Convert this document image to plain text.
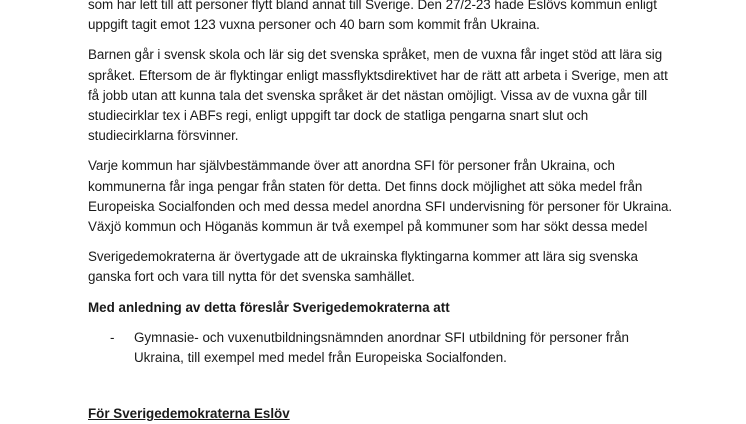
som har lett till att personer flytt bland annat till Sverige. Den 27/2-23 hade Eslövs kommun enligt
uppgift tagit emot 123 vuxna personer och 40 barn som kommit från Ukraina.

Barnen går i svensk skola och lär sig det svenska språket, men de vuxna får inget stöd att lära sig
språket. Eftersom de är flyktingar enligt massflyktsdirektivet har de rätt att arbeta i Sverige, men att
få jobb utan att kunna tala det svenska språket är det nästan omöjligt. Vissa av de vuxna går till
studiecirklar tex i ABFs regi, enligt uppgift tar dock de statliga pengarna snart slut och
studiecirklarna försvinner.

Varje kommun har självbestämmande över att anordna SFI för personer från Ukraina, och
kommunerna får inga pengar från staten för detta. Det finns dock möjlighet att söka medel från
Europeiska Socialfonden och med dessa medel anordna SFI undervisning för personer för Ukraina.
Växjö kommun och Höganäs kommun är två exempel på kommuner som har sökt dessa medel

Sverigedemokraterna är övertygade att de ukrainska flyktingarna kommer att lära sig svenska
ganska fort och vara till nytta för det svenska samhället.

Med anledning av detta föreslår Sverigedemokraterna att

- Gymnasie- och vuxenutbildningsnämnden anordnar SFI utbildning för personer från
Ukraina, till exempel med medel från Europeiska Socialfonden.

För Sverigedemokraterna Eslöv
